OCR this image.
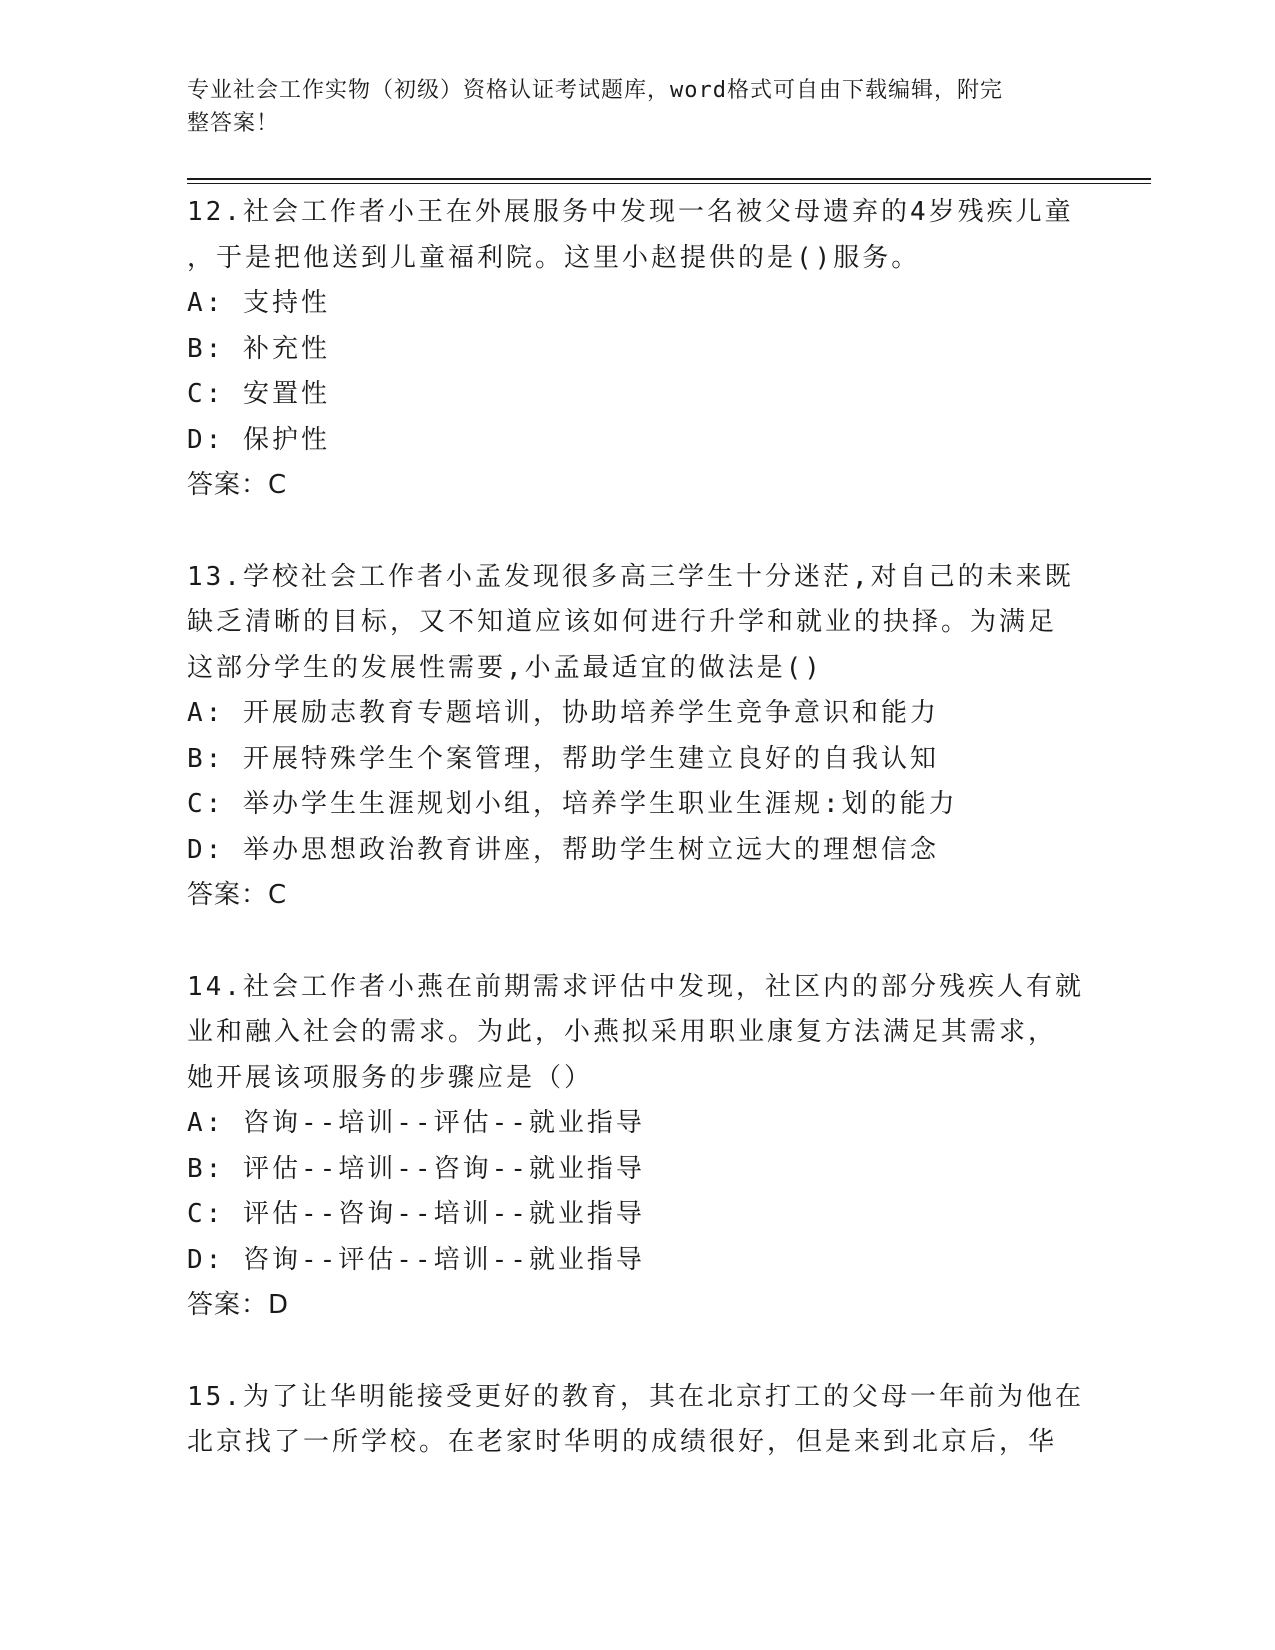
专业社会工作实物（初级）资格认证考试题库，word格式可自由下载编辑，附完
整答案！

12.社会工作者小王在外展服务中发现一名被父母遗弃的4岁残疾儿童

，于是把他送到儿童福利院。这里小赵提供的是()服务。

A: 支持性

B: 补充性

C: 安置性

D: 保护性

答案：C

13.学校社会工作者小孟发现很多高三学生十分迷茫,对自己的未来既

缺乏清晰的目标，又不知道应该如何进行升学和就业的抉择。为满足

这部分学生的发展性需要,小孟最适宜的做法是()

A: 开展励志教育专题培训，协助培养学生竞争意识和能力

B: 开展特殊学生个案管理，帮助学生建立良好的自我认知

C: 举办学生生涯规划小组，培养学生职业生涯规:划的能力

D: 举办思想政治教育讲座，帮助学生树立远大的理想信念

答案：C

14.社会工作者小燕在前期需求评估中发现，社区内的部分残疾人有就

业和融入社会的需求。为此，小燕拟采用职业康复方法满足其需求，

她开展该项服务的步骤应是（）

A: 咨询--培训--评估--就业指导

B: 评估--培训--咨询--就业指导

C: 评估--咨询--培训--就业指导

D: 咨询--评估--培训--就业指导

答案：D

15.为了让华明能接受更好的教育，其在北京打工的父母一年前为他在

北京找了一所学校。在老家时华明的成绩很好，但是来到北京后，华
